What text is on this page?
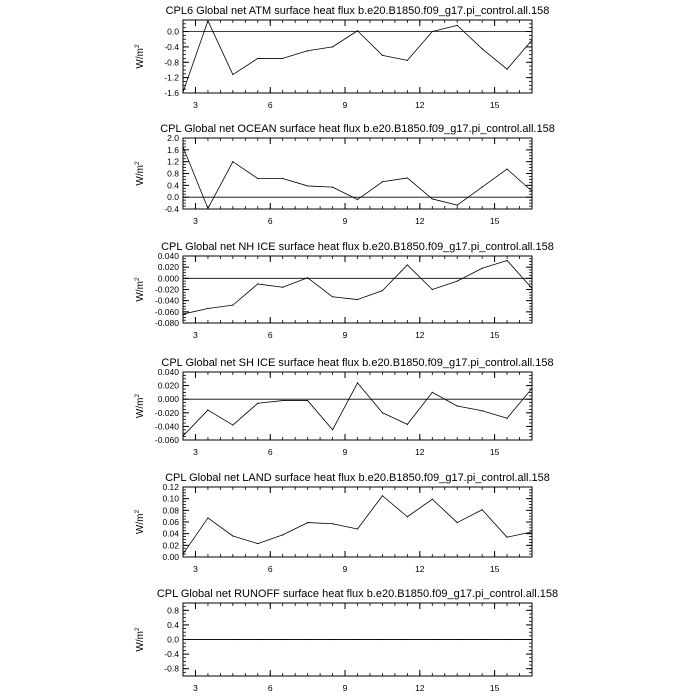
CPL6 Global net ATM surface heat flux b.e20.B1850.f09_g17.pi_control.all.158
3	6	9	12	15
-1.6
-1.2
-0.8
-0.4
0.0
$W/m^2$
CPL Global net OCEAN surface heat flux b.e20.B1850.f09_g17.pi_control.all.158
3	6	9	12	15
-0.4
0.0
0.4
0.8
1.2
1.6
2.0
$W/m^2$
CPL Global net NH ICE surface heat flux b.e20.B1850.f09_g17.pi_control.all.158
3	6	9	12	15
-0.080
-0.060
-0.040
-0.020
0.000
0.020
0.040
$W/m^2$
CPL Global net SH ICE surface heat flux b.e20.B1850.f09_g17.pi_control.all.158
3	6	9	12	15
-0.060
-0.040
-0.020
0.000
0.020
0.040
$W/m^2$
CPL Global net LAND surface heat flux b.e20.B1850.f09_g17.pi_control.all.158
3	6	9	12	15
0.00
0.02
0.04
0.06
0.08
0.10
0.12
$W/m^2$
CPL Global net RUNOFF surface heat flux b.e20.B1850.f09_g17.pi_control.all.158
3	6	9	12	15
-0.8
-0.4
0.0
0.4
0.8
$W/m^2$
